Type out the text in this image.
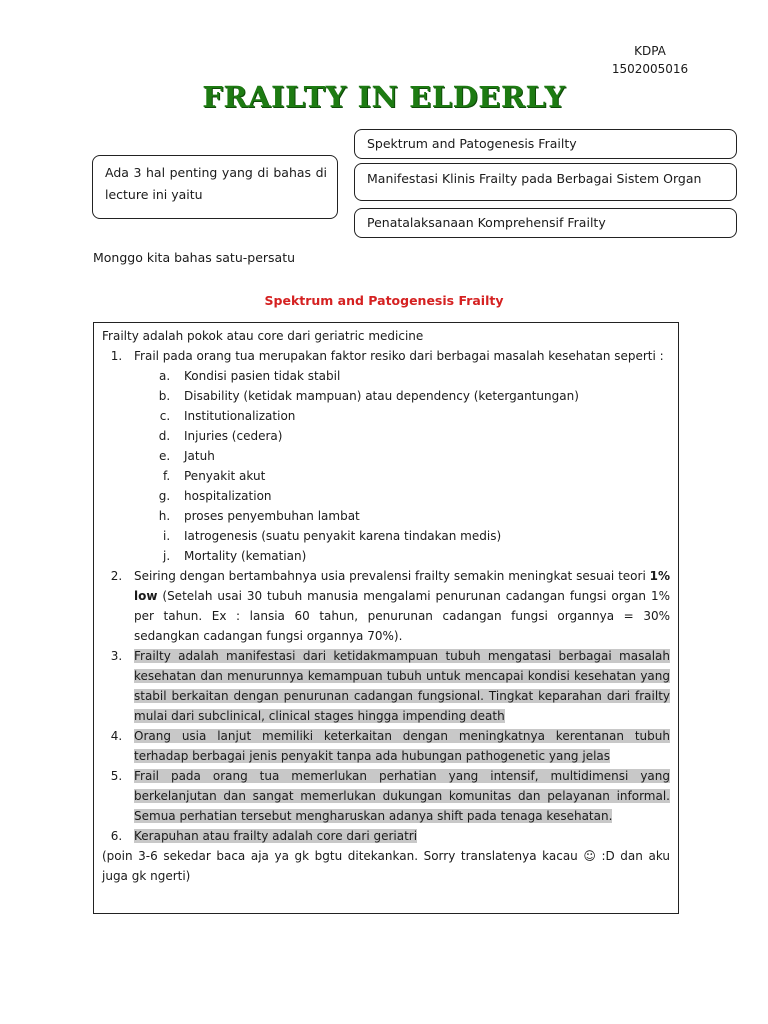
KDPA
1502005016
FRAILTY IN ELDERLY
Ada 3 hal penting yang di bahas di lecture ini yaitu
Spektrum and Patogenesis Frailty
Manifestasi Klinis Frailty pada Berbagai Sistem Organ
Penatalaksanaan Komprehensif Frailty
Monggo kita bahas satu-persatu
Spektrum and Patogenesis Frailty

Frailty adalah pokok atau core dari geriatric medicine

1. Frail pada orang tua merupakan faktor resiko dari berbagai masalah kesehatan seperti :
a. Kondisi pasien tidak stabil
b. Disability (ketidak mampuan) atau dependency (ketergantungan)
c. Institutionalization
d. Injuries (cedera)
e. Jatuh
f. Penyakit akut
g. hospitalization
h. proses penyembuhan lambat
i. Iatrogenesis (suatu penyakit karena tindakan medis)
j. Mortality (kematian)
2. Seiring dengan bertambahnya usia prevalensi frailty semakin meningkat sesuai teori 1% low (Setelah usai 30 tubuh manusia mengalami penurunan cadangan fungsi organ 1% per tahun. Ex : lansia 60 tahun, penurunan cadangan fungsi organnya = 30% sedangkan cadangan fungsi organnya 70%).
3. Frailty adalah manifestasi dari ketidakmampuan tubuh mengatasi berbagai masalah kesehatan dan menurunnya kemampuan tubuh untuk mencapai kondisi kesehatan yang stabil berkaitan dengan penurunan cadangan fungsional. Tingkat keparahan dari frailty mulai dari subclinical, clinical stages hingga impending death
4. Orang usia lanjut memiliki keterkaitan dengan meningkatnya kerentanan tubuh terhadap berbagai jenis penyakit tanpa ada hubungan pathogenetic yang jelas
5. Frail pada orang tua memerlukan perhatian yang intensif, multidimensi yang berkelanjutan dan sangat memerlukan dukungan komunitas dan pelayanan informal. Semua perhatian tersebut mengharuskan adanya shift pada tenaga kesehatan.
6. Kerapuhan atau frailty adalah core dari geriatri

(poin 3-6 sekedar baca aja ya gk bgtu ditekankan. Sorry translatenya kacau ☺ :D dan aku juga gk ngerti)
